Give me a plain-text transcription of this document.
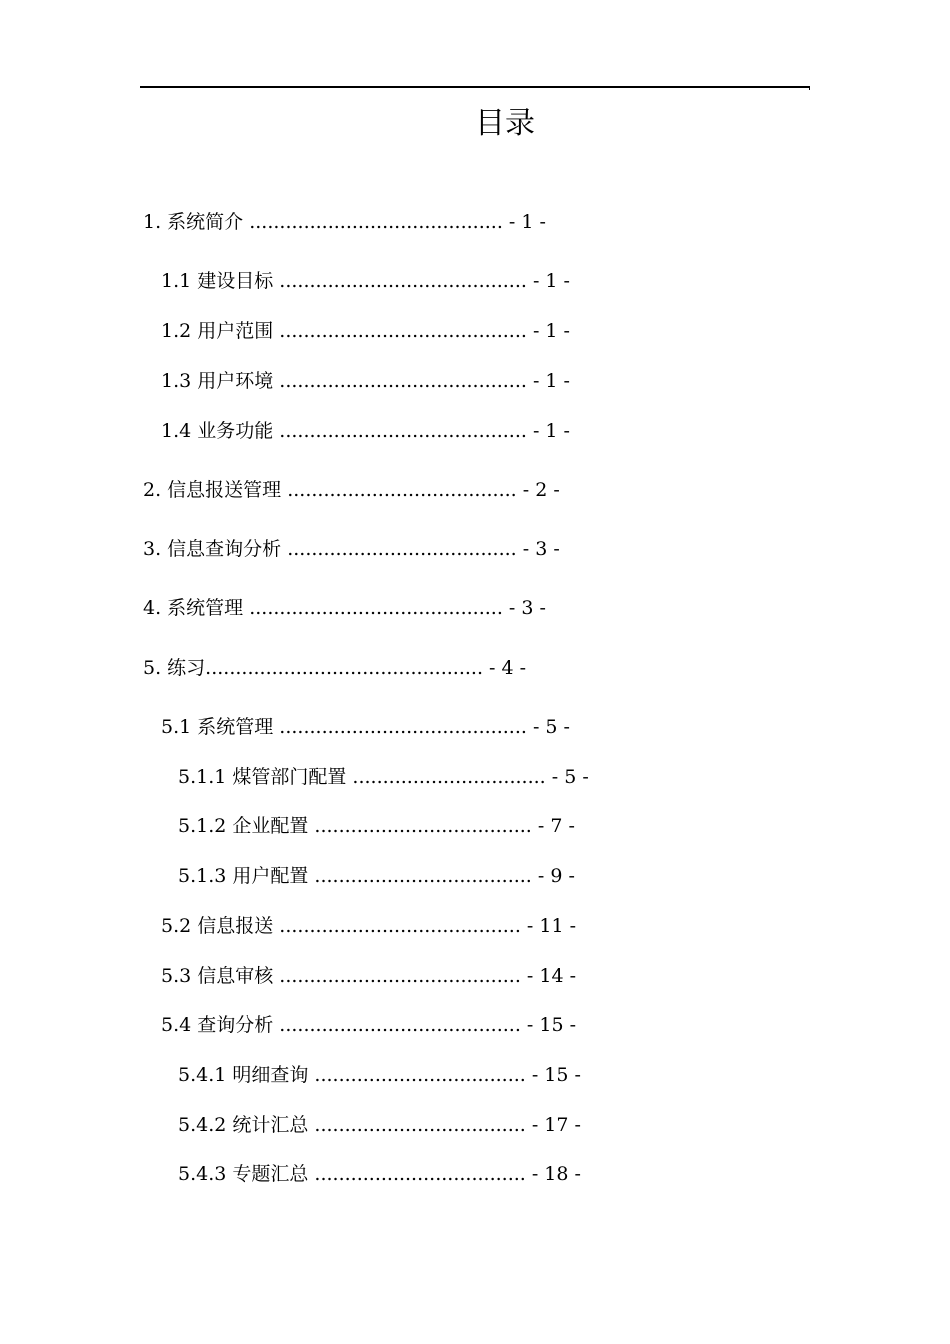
目录

1. 系统简介 .......................................... - 1 -

1.1 建设目标 ......................................... - 1 -

1.2 用户范围 ......................................... - 1 -

1.3 用户环境 ......................................... - 1 -

1.4 业务功能 ......................................... - 1 -

2. 信息报送管理 ...................................... - 2 -

3. 信息查询分析 ...................................... - 3 -

4. 系统管理 .......................................... - 3 -

5. 练习.............................................. - 4 -

5.1 系统管理 ......................................... - 5 -

5.1.1 煤管部门配置 ................................ - 5 -

5.1.2 企业配置 .................................... - 7 -

5.1.3 用户配置 .................................... - 9 -

5.2 信息报送 ........................................ - 11 -

5.3 信息审核 ........................................ - 14 -

5.4 查询分析 ........................................ - 15 -

5.4.1 明细查询 ................................... - 15 -

5.4.2 统计汇总 ................................... - 17 -

5.4.3 专题汇总 ................................... - 18 -
